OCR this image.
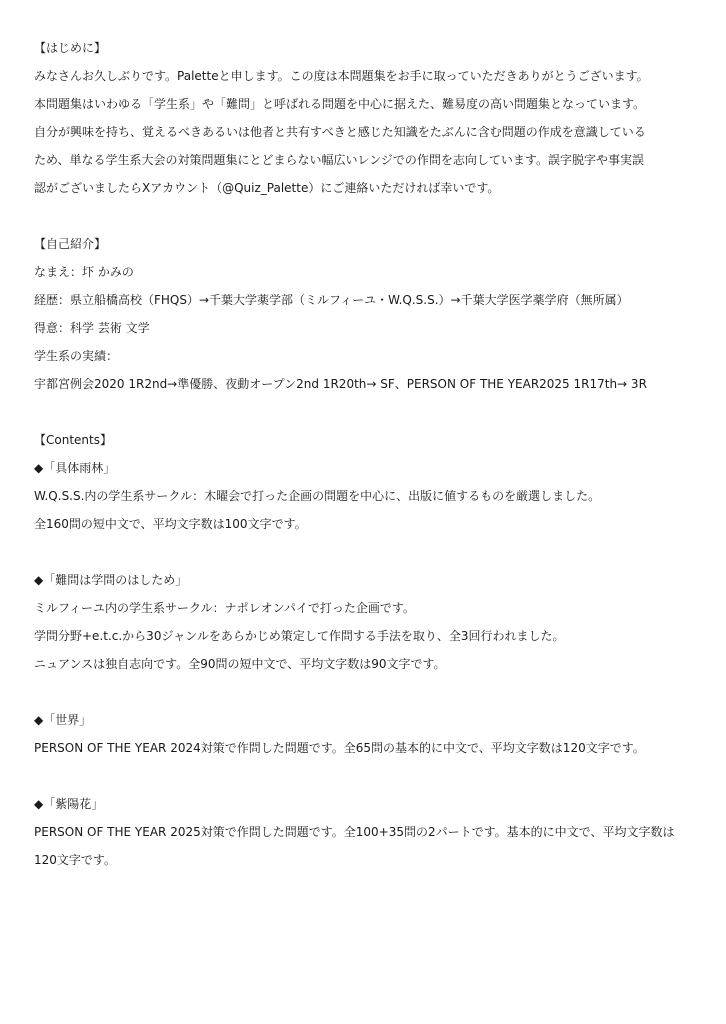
【はじめに】
みなさんお久しぶりです。Paletteと申します。この度は本問題集をお手に取っていただきありがとうございます。
本問題集はいわゆる「学生系」や「難問」と呼ばれる問題を中心に据えた、難易度の高い問題集となっています。
自分が興味を持ち、覚えるべきあるいは他者と共有すべきと感じた知識をたぶんに含む問題の作成を意識している
ため、単なる学生系大会の対策問題集にとどまらない幅広いレンジでの作問を志向しています。誤字脱字や事実誤
認がございましたらXアカウント（@Quiz_Palette）にご連絡いただければ幸いです。
【自己紹介】
なまえ：圷 かみの
経歴：県立船橋高校（FHQS）→千葉大学薬学部（ミルフィーユ・W.Q.S.S.）→千葉大学医学薬学府（無所属）
得意：科学 芸術 文学
学生系の実績：
宇都宮例会2020 1R2nd→準優勝、夜動オープン2nd 1R20th→ SF、PERSON OF THE YEAR2025 1R17th→ 3R
【Contents】
◆「具体雨林」
W.Q.S.S.内の学生系サークル：木曜会で打った企画の問題を中心に、出版に値するものを厳選しました。
全160問の短中文で、平均文字数は100文字です。
◆「難問は学問のはしため」
ミルフィーユ内の学生系サークル：ナポレオンパイで打った企画です。
学問分野+e.t.c.から30ジャンルをあらかじめ策定して作問する手法を取り、全3回行われました。
ニュアンスは独自志向です。全90問の短中文で、平均文字数は90文字です。
◆「世界」
PERSON OF THE YEAR 2024対策で作問した問題です。全65問の基本的に中文で、平均文字数は120文字です。
◆「紫陽花」
PERSON OF THE YEAR 2025対策で作問した問題です。全100+35問の2パートです。基本的に中文で、平均文字数は
120文字です。
